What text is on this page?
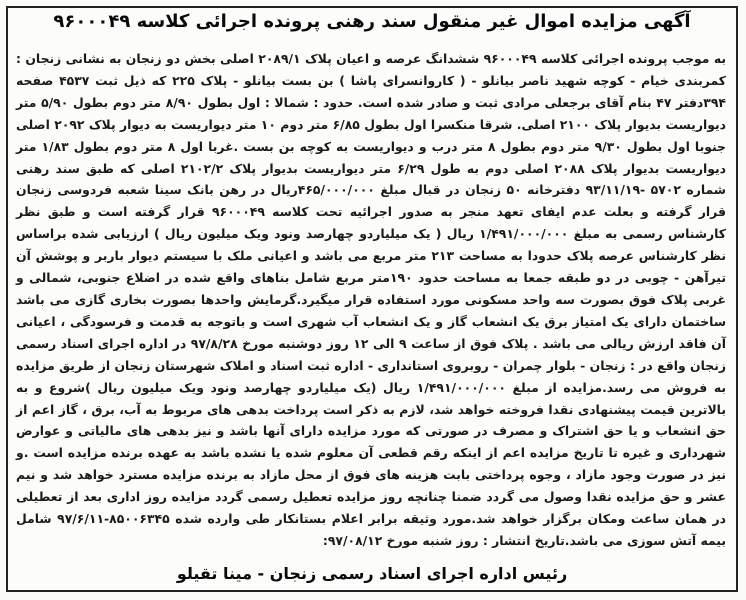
آگهی مزایده اموال غیر منقول سند رهنی پرونده اجرائی کلاسه ۹۶۰۰۰۴۹
به موجب پرونده اجرائی کلاسه ۹۶۰۰۰۴۹ ششدانگ عرصه و اعیان پلاک ۲۰۸۹/۱ اصلی بخش دو زنجان به نشانی زنجان : کمربندی خیام - کوچه شهید ناصر بیانلو - ( کاروانسرای پاشا ) بن بست بیانلو - پلاک ۲۲۵ که ذیل ثبت ۴۵۳۷ صفحه ۳۹۴دفتر ۴۷ بنام آقای برجعلی مرادی ثبت و صادر شده است. حدود : شمالا : اول بطول ۸/۹۰ متر دوم بطول ۵/۹۰ متر دیواریست بدیوار پلاک ۲۱۰۰ اصلی. شرقا منکسرا اول بطول ۶/۸۵ متر دوم ۱۰ متر دیواریست به دیوار پلاک ۲۰۹۲ اصلی جنوبا اول بطول ۹/۳۰ متر دوم بطول ۸ متر درب و دیواریست به کوچه بن بست .غربا اول ۸ متر دوم بطول ۱/۸۳ متر دیواریست بدیوار پلاک ۲۰۸۸ اصلی دوم به طول ۶/۲۹ متر دیواریست بدیوار پلاک ۲۱۰۲/۲ اصلی که طبق سند رهنی شماره ۵۷۰۲ -۹۳/۱۱/۱۹ دفترخانه ۵۰ زنجان در قبال مبلغ ۴۶۵/۰۰۰/۰۰۰ریال در رهن بانک سینا شعبه فردوسی زنجان قرار گرفته و بعلت عدم ایفای تعهد منجر به صدور اجرائیه تحت کلاسه ۹۶۰۰۰۴۹ قرار گرفته است و طبق نظر کارشناس رسمی به مبلغ ۱/۴۹۱/۰۰۰/۰۰۰ ریال ( یک میلیاردو چهارصد ونود ویک میلیون ریال ) ارزیابی شده براساس نظر کارشناس عرصه پلاک حدودا به مساحت ۲۱۳ متر مربع می باشد و اعیانی ملک با سیستم دیوار باربر و پوشش آن تیرآهن - چوبی در دو طبقه جمعا به مساحت حدود ۱۹۰متر مربع شامل بناهای واقع شده در اضلاع جنوبی، شمالی و غربی پلاک فوق بصورت سه واحد مسکونی مورد استفاده قرار میگیرد.گرمایش واحدها بصورت بخاری گازی می باشد ساختمان دارای یک امتیاز برق یک انشعاب گاز و یک انشعاب آب شهری است و باتوجه به قدمت و فرسودگی ، اعیانی آن فاقد ارزش ریالی می باشد . پلاک فوق از ساعت ۹ الی ۱۲ روز دوشنبه مورخ ۹۷/۸/۲۸ در اداره اجرای اسناد رسمی زنجان واقع در : زنجان - بلوار چمران - روبروی استانداری - اداره ثبت اسناد و املاک شهرستان زنجان از طریق مزایده به فروش می رسد.مزایده از مبلغ ۱/۴۹۱/۰۰۰/۰۰۰ ریال (یک میلیاردو چهارصد ونود ویک میلیون ریال )شروع و به بالاترین قیمت پیشنهادی نقدا فروخته خواهد شد، لازم به ذکر است پرداخت بدهی های مربوط به آب، برق ، گاز اعم از حق انشعاب و یا حق اشتراک و مصرف در صورتی که مورد مزایده دارای آنها باشد و نیز بدهی های مالیاتی و عوارض شهرداری و غیره تا تاریخ مزایده اعم از اینکه رقم قطعی آن معلوم شده یا نشده باشد به عهده برنده مزایده است .و نیز در صورت وجود مازاد ، وجوه پرداختی بابت هزینه های فوق از محل مازاد به برنده مزایده مسترد خواهد شد و نیم عشر و حق مزایده نقدا وصول می گردد ضمنا چنانچه روز مزایده تعطیل رسمی گردد مزایده روز اداری بعد از تعطیلی در همان ساعت ومکان برگزار خواهد شد.مورد وثیقه برابر اعلام بستانکار طی وارده شده ۸۵۰۰۶۳۴۵-۹۷/۶/۱۱ شامل بیمه آتش سوزی می باشد.تاریخ انتشار : روز شنبه مورخ ۹۷/۰۸/۱۲:
رئیس اداره اجرای اسناد رسمی زنجان - مینا تقیلو
